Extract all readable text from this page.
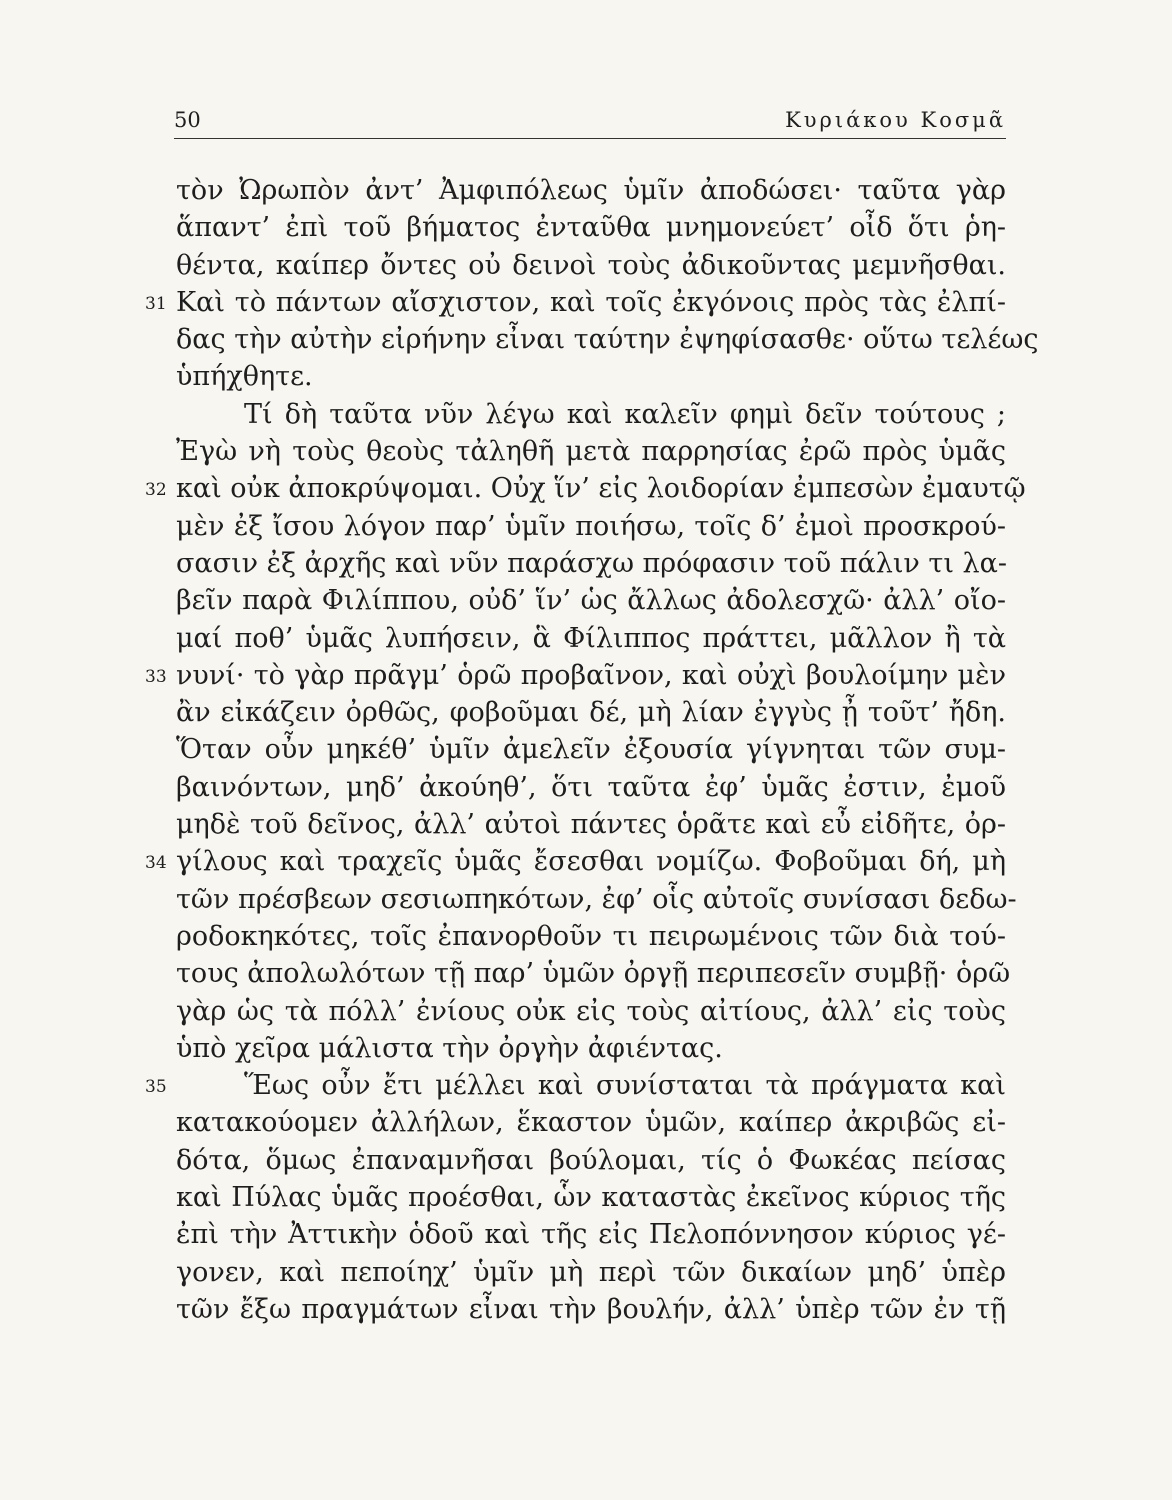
50	Κυριάκου Κοσμᾶ
τὸν Ὠρωπὸν ἀντ’ Ἀμφιπόλεως ὑμῖν ἀποδώσει· ταῦτα γὰρ
ἅπαντ’ ἐπὶ τοῦ βήματος ἐνταῦθα μνημονεύετ’ οἶδ ὅτι ῥη-
θέντα, καίπερ ὄντες οὐ δεινοὶ τοὺς ἀδικοῦντας μεμνῆσθαι.
31 Καὶ τὸ πάντων αἴσχιστον, καὶ τοῖς ἐκγόνοις πρὸς τὰς ἐλπί-
δας τὴν αὐτὴν εἰρήνην εἶναι ταύτην ἐψηφίσασθε· οὕτω τελέως
ὑπήχθητε.
Τί δὴ ταῦτα νῦν λέγω καὶ καλεῖν φημὶ δεῖν τούτους ;
Ἐγὼ νὴ τοὺς θεοὺς τἀληθῆ μετὰ παρρησίας ἐρῶ πρὸς ὑμᾶς
32 καὶ οὐκ ἀποκρύψομαι. Οὐχ ἵν’ εἰς λοιδορίαν ἐμπεσὼν ἐμαυτῷ
μὲν ἐξ ἴσου λόγον παρ’ ὑμῖν ποιήσω, τοῖς δ’ ἐμοὶ προσκρού-
σασιν ἐξ ἀρχῆς καὶ νῦν παράσχω πρόφασιν τοῦ πάλιν τι λα-
βεῖν παρὰ Φιλίππου, οὐδ’ ἵν’ ὡς ἄλλως ἀδολεσχῶ· ἀλλ’ οἴο-
μαί ποθ’ ὑμᾶς λυπήσειν, ἃ Φίλιππος πράττει, μᾶλλον ἢ τὰ
33 νυνί· τὸ γὰρ πρᾶγμ’ ὁρῶ προβαῖνον, καὶ οὐχὶ βουλοίμην μὲν
ἂν εἰκάζειν ὀρθῶς, φοβοῦμαι δέ, μὴ λίαν ἐγγὺς ᾖ τοῦτ’ ἤδη.
Ὅταν οὖν μηκέθ’ ὑμῖν ἀμελεῖν ἐξουσία γίγνηται τῶν συμ-
βαινόντων, μηδ’ ἀκούηθ’, ὅτι ταῦτα ἐφ’ ὑμᾶς ἐστιν, ἐμοῦ
μηδὲ τοῦ δεῖνος, ἀλλ’ αὐτοὶ πάντες ὁρᾶτε καὶ εὖ εἰδῆτε, ὀρ-
34 γίλους καὶ τραχεῖς ὑμᾶς ἔσεσθαι νομίζω. Φοβοῦμαι δή, μὴ
τῶν πρέσβεων σεσιωπηκότων, ἐφ’ οἷς αὐτοῖς συνίσασι δεδω-
ροδοκηκότες, τοῖς ἐπανορθοῦν τι πειρωμένοις τῶν διὰ τού-
τους ἀπολωλότων τῇ παρ’ ὑμῶν ὀργῇ περιπεσεῖν συμβῇ· ὁρῶ
γὰρ ὡς τὰ πόλλ’ ἐνίους οὐκ εἰς τοὺς αἰτίους, ἀλλ’ εἰς τοὺς
ὑπὸ χεῖρα μάλιστα τὴν ὀργὴν ἀφιέντας.
35	Ἕως οὖν ἔτι μέλλει καὶ συνίσταται τὰ πράγματα καὶ
κατακούομεν ἀλλήλων, ἕκαστον ὑμῶν, καίπερ ἀκριβῶς εἰ-
δότα, ὅμως ἐπαναμνῆσαι βούλομαι, τίς ὁ Φωκέας πείσας
καὶ Πύλας ὑμᾶς προέσθαι, ὧν καταστὰς ἐκεῖνος κύριος τῆς
ἐπὶ τὴν Ἀττικὴν ὁδοῦ καὶ τῆς εἰς Πελοπόννησον κύριος γέ-
γονεν, καὶ πεποίηχ’ ὑμῖν μὴ περὶ τῶν δικαίων μηδ’ ὑπὲρ
τῶν ἔξω πραγμάτων εἶναι τὴν βουλήν, ἀλλ’ ὑπὲρ τῶν ἐν τῇ
